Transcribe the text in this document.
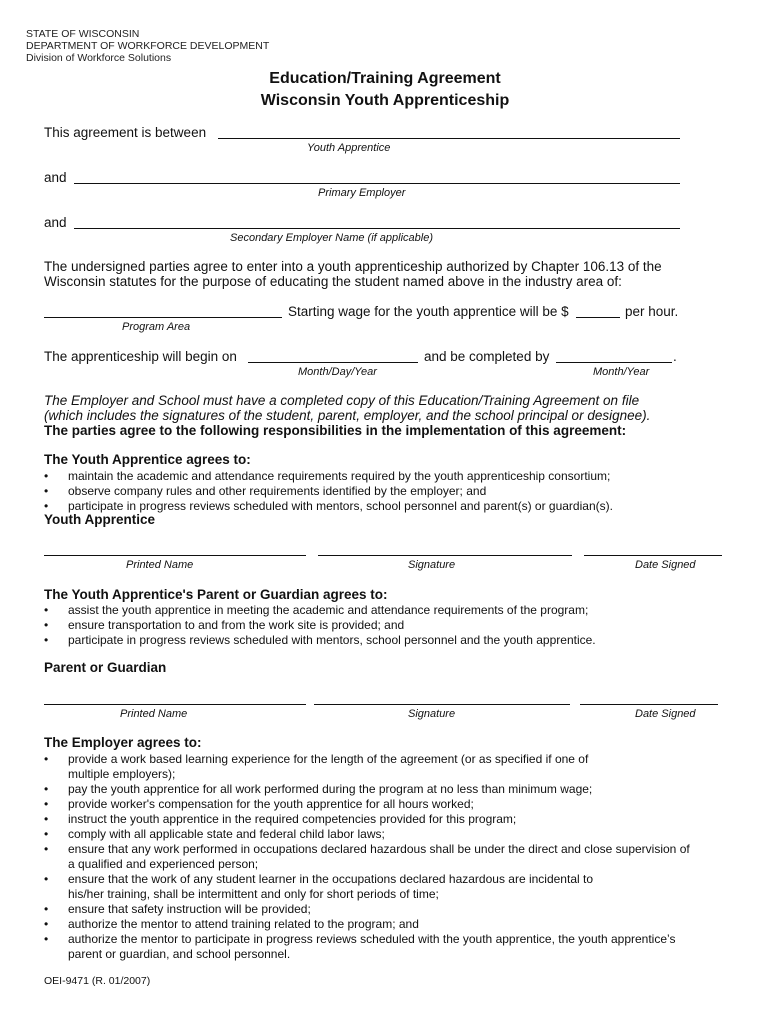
STATE OF WISCONSIN
DEPARTMENT OF WORKFORCE DEVELOPMENT
Division of Workforce Solutions
Education/Training Agreement
Wisconsin Youth Apprenticeship
This agreement is between
Youth Apprentice
and
Primary Employer
and
Secondary Employer Name (if applicable)
The undersigned parties agree to enter into a youth apprenticeship authorized by Chapter 106.13 of the
Wisconsin statutes for the purpose of educating the student named above in the industry area of:
Starting wage for the youth apprentice will be $	per hour.
Program Area
The apprenticeship will begin on	and be completed by	.
Month/Day/Year	Month/Year
The Employer and School must have a completed copy of this Education/Training Agreement on file
(which includes the signatures of the student, parent, employer, and the school principal or designee).
The parties agree to the following responsibilities in the implementation of this agreement:
The Youth Apprentice agrees to:
• maintain the academic and attendance requirements required by the youth apprenticeship consortium;
• observe company rules and other requirements identified by the employer; and
• participate in progress reviews scheduled with mentors, school personnel and parent(s) or guardian(s).
Youth Apprentice
Printed Name	Signature	Date Signed
The Youth Apprentice's Parent or Guardian agrees to:
• assist the youth apprentice in meeting the academic and attendance requirements of the program;
• ensure transportation to and from the work site is provided; and
• participate in progress reviews scheduled with mentors, school personnel and the youth apprentice.
Parent or Guardian
Printed Name	Signature	Date Signed
The Employer agrees to:
• provide a work based learning experience for the length of the agreement (or as specified if one of
multiple employers);
• pay the youth apprentice for all work performed during the program at no less than minimum wage;
• provide worker's compensation for the youth apprentice for all hours worked;
• instruct the youth apprentice in the required competencies provided for this program;
• comply with all applicable state and federal child labor laws;
• ensure that any work performed in occupations declared hazardous shall be under the direct and close supervision of
a qualified and experienced person;
• ensure that the work of any student learner in the occupations declared hazardous are incidental to
his/her training, shall be intermittent and only for short periods of time;
• ensure that safety instruction will be provided;
• authorize the mentor to attend training related to the program; and
• authorize the mentor to participate in progress reviews scheduled with the youth apprentice, the youth apprentice’s
parent or guardian, and school personnel.
OEI-9471 (R. 01/2007)
